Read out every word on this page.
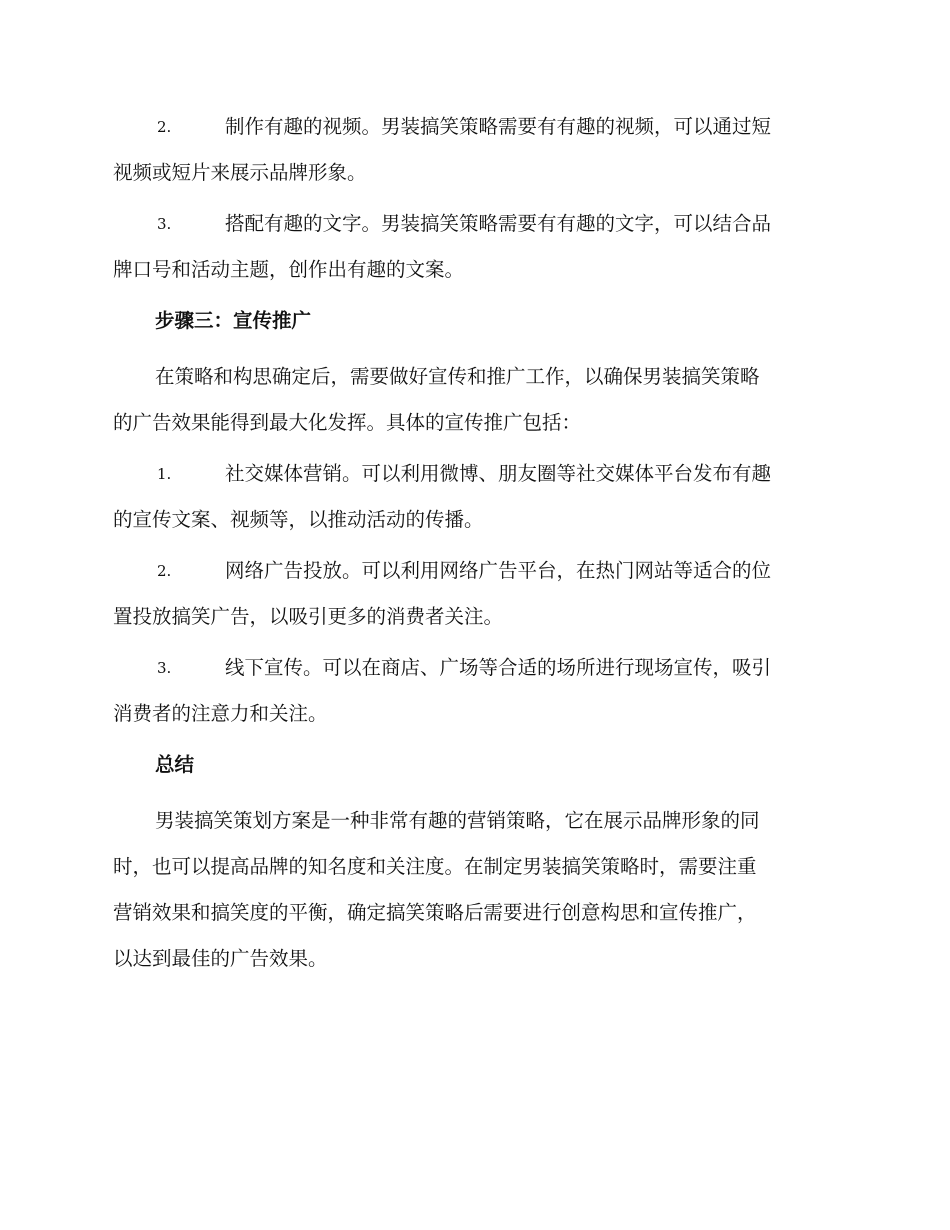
2.	制作有趣的视频。男装搞笑策略需要有有趣的视频，可以通过短
视频或短片来展示品牌形象。
3.	搭配有趣的文字。男装搞笑策略需要有有趣的文字，可以结合品
牌口号和活动主题，创作出有趣的文案。
步骤三：宣传推广
在策略和构思确定后，需要做好宣传和推广工作，以确保男装搞笑策略
的广告效果能得到最大化发挥。具体的宣传推广包括：
1.	社交媒体营销。可以利用微博、朋友圈等社交媒体平台发布有趣
的宣传文案、视频等，以推动活动的传播。
2.	网络广告投放。可以利用网络广告平台，在热门网站等适合的位
置投放搞笑广告，以吸引更多的消费者关注。
3.	线下宣传。可以在商店、广场等合适的场所进行现场宣传，吸引
消费者的注意力和关注。
总结
男装搞笑策划方案是一种非常有趣的营销策略，它在展示品牌形象的同
时，也可以提高品牌的知名度和关注度。在制定男装搞笑策略时，需要注重
营销效果和搞笑度的平衡，确定搞笑策略后需要进行创意构思和宣传推广，
以达到最佳的广告效果。
